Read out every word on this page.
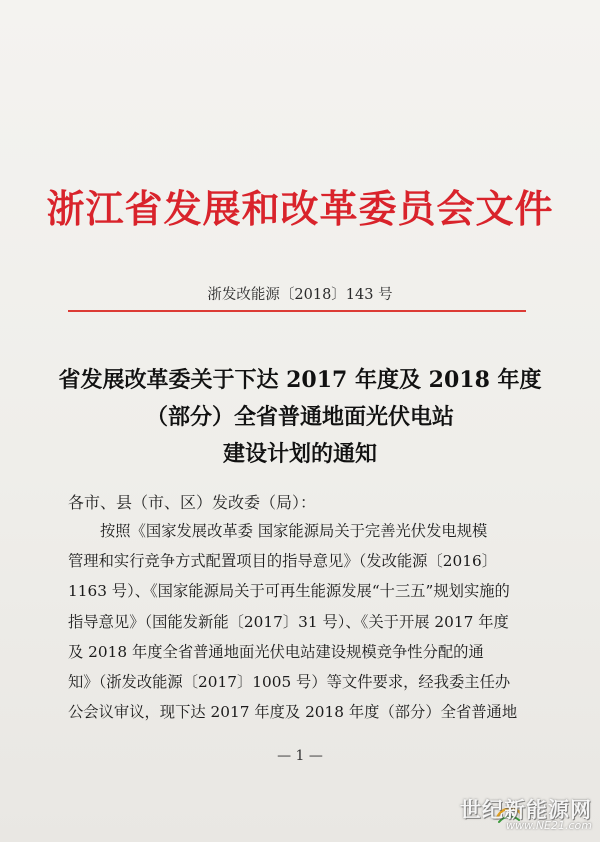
浙江省发展和改革委员会文件
浙发改能源〔2018〕143 号
省发展改革委关于下达 2017 年度及 2018 年度
（部分）全省普通地面光伏电站
建设计划的通知
各市、县（市、区）发改委（局）：
按照《国家发展改革委 国家能源局关于完善光伏发电规模
管理和实行竞争方式配置项目的指导意见》（发改能源〔2016〕
1163 号）、《国家能源局关于可再生能源发展“十三五”规划实施的
指导意见》（国能发新能〔2017〕31 号）、《关于开展 2017 年度
及 2018 年度全省普通地面光伏电站建设规模竞争性分配的通
知》（浙发改能源〔2017〕1005 号）等文件要求，经我委主任办
公会议审议，现下达 2017 年度及 2018 年度（部分）全省普通地
— 1 —
世纪新能源网
www.NE21.com
